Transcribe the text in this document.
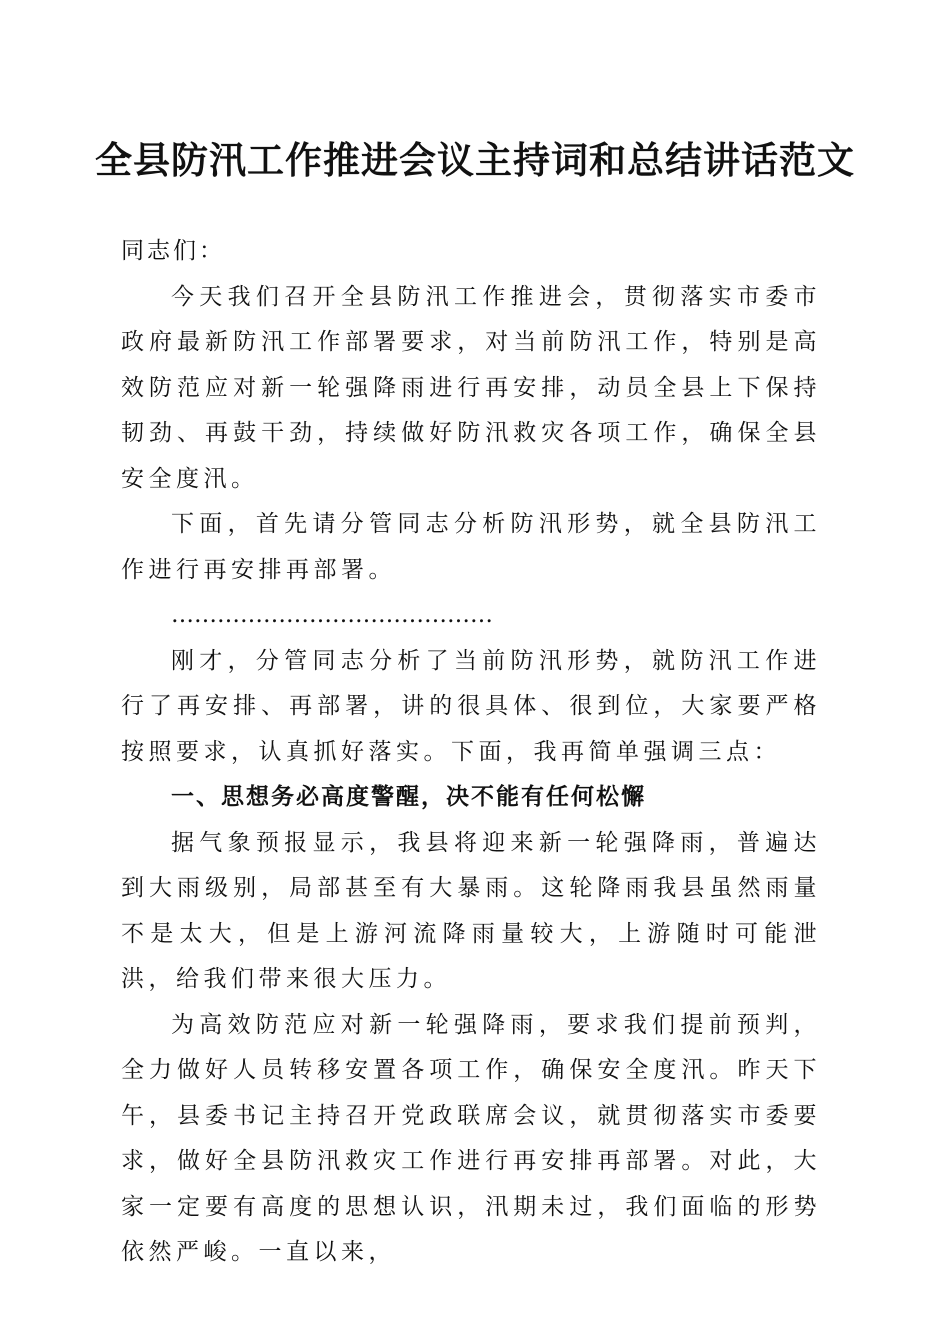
全县防汛工作推进会议主持词和总结讲话范文

同志们：

今天我们召开全县防汛工作推进会，贯彻落实市委市政府最新防汛工作部署要求，对当前防汛工作，特别是高效防范应对新一轮强降雨进行再安排，动员全县上下保持韧劲、再鼓干劲，持续做好防汛救灾各项工作，确保全县安全度汛。

下面，首先请分管同志分析防汛形势，就全县防汛工作进行再安排再部署。

……………………………………

刚才，分管同志分析了当前防汛形势，就防汛工作进行了再安排、再部署，讲的很具体、很到位，大家要严格按照要求，认真抓好落实。下面，我再简单强调三点：

一、思想务必高度警醒，决不能有任何松懈

据气象预报显示，我县将迎来新一轮强降雨，普遍达到大雨级别，局部甚至有大暴雨。这轮降雨我县虽然雨量不是太大，但是上游河流降雨量较大，上游随时可能泄洪，给我们带来很大压力。

为高效防范应对新一轮强降雨，要求我们提前预判，全力做好人员转移安置各项工作，确保安全度汛。昨天下午，县委书记主持召开党政联席会议，就贯彻落实市委要求，做好全县防汛救灾工作进行再安排再部署。对此，大家一定要有高度的思想认识，汛期未过，我们面临的形势依然严峻。一直以来，
